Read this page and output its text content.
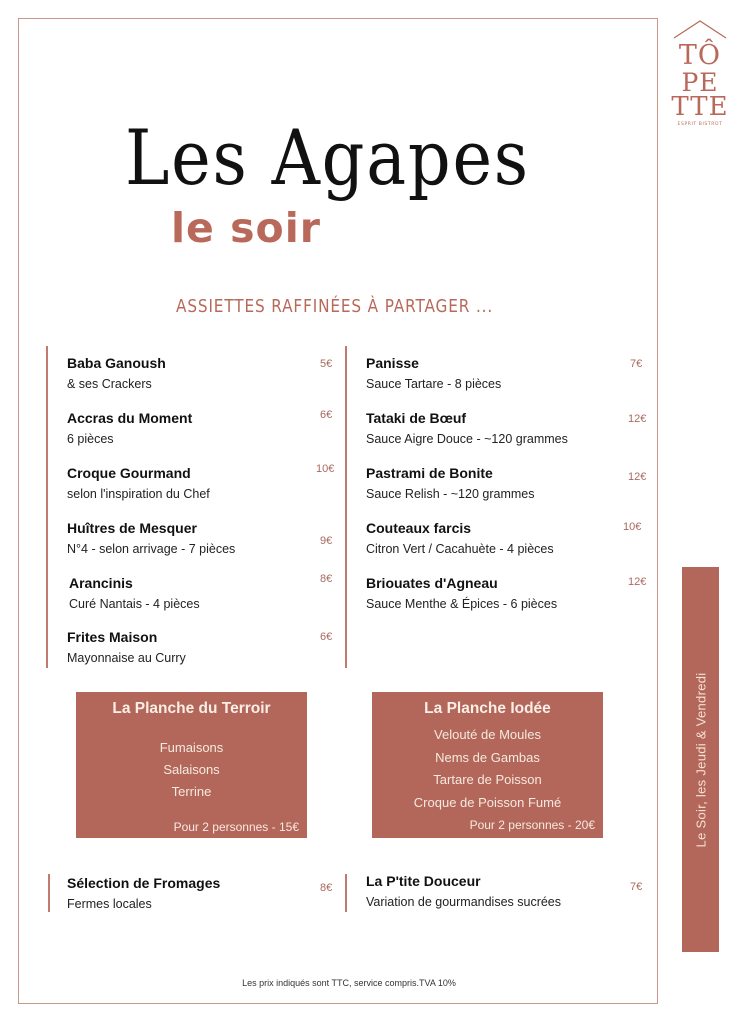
TÔ
PE
TTE
ESPRIT BISTROT
Les Agapes
le soir
ASSIETTES RAFFINÉES À PARTAGER ...
Baba Ganoush
& ses Crackers
5€
Accras du Moment
6 pièces
6€
Croque Gourmand
selon l'inspiration du Chef
10€
Huîtres de Mesquer
N°4 - selon arrivage - 7 pièces
9€
Arancinis
Curé Nantais - 4 pièces
8€
Frites Maison
Mayonnaise au Curry
6€
Panisse
Sauce Tartare - 8 pièces
7€
Tataki de Bœuf
Sauce Aigre Douce - ~120 grammes
12€
Pastrami de Bonite
Sauce Relish - ~120 grammes
12€
Couteaux farcis
Citron Vert / Cacahuète - 4 pièces
10€
Briouates d'Agneau
Sauce Menthe & Épices - 6 pièces
12€
La Planche du Terroir
Fumaisons
Salaisons
Terrine
Pour 2 personnes - 15€
La Planche Iodée
Velouté de Moules
Nems de Gambas
Tartare de Poisson
Croque de Poisson Fumé
Pour 2 personnes - 20€
Sélection de Fromages
Fermes locales
8€ La P'tite Douceur
Variation de gourmandises sucrées
7€
Le Soir, les Jeudi & Vendredi
Les prix indiqués sont TTC, service compris.TVA 10%
